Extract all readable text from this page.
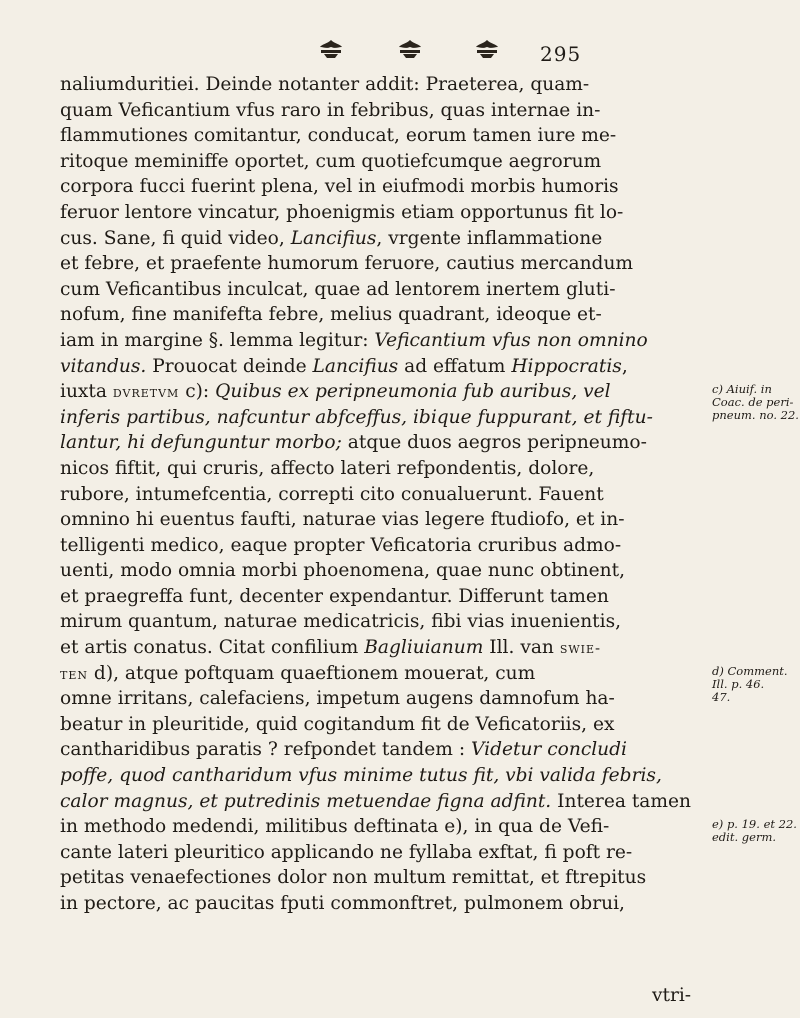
295
naliumduritiei. Deinde notanter addit: Praeterea, quam-
quam Veficantium vfus raro in febribus, quas internae in-
flammutiones comitantur, conducat, eorum tamen iure me-
ritoque meminiffe oportet, cum quotiefcumque aegrorum
corpora fucci fuerint plena, vel in eiufmodi morbis humoris
feruor lentore vincatur, phoenigmis etiam opportunus fit lo-
cus. Sane, fi quid video, Lancifius, vrgente inflammatione
et febre, et praefente humorum feruore, cautius mercandum
cum Veficantibus inculcat, quae ad lentorem inertem gluti-
nofum, fine manifefta febre, melius quadrant, ideoque et-
iam in margine §. lemma legitur: Veficantium vfus non omnino
vitandus. Prouocat deinde Lancifius ad effatum Hippocratis,
iuxta dvretvm c): Quibus ex peripneumonia fub auribus, vel
inferis partibus, nafcuntur abfceffus, ibique fuppurant, et fiftu-
lantur, hi defunguntur morbo; atque duos aegros peripneumo-
nicos fiftit, qui cruris, affecto lateri refpondentis, dolore,
rubore, intumefcentia, correpti cito conualuerunt. Fauent
omnino hi euentus faufti, naturae vias legere ftudiofo, et in-
telligenti medico, eaque propter Veficatoria cruribus admo-
uenti, modo omnia morbi phoenomena, quae nunc obtinent,
et praegreffa funt, decenter expendantur. Differunt tamen
mirum quantum, naturae medicatricis, fibi vias inuenientis,
et artis conatus. Citat confilium Bagliuianum Ill. van swie-
ten d), atque poftquam quaeftionem mouerat, cum
omne irritans, calefaciens, impetum augens damnofum ha-
beatur in pleuritide, quid cogitandum fit de Veficatoriis, ex
cantharidibus paratis ? refpondet tandem : Videtur concludi
poffe, quod cantharidum vfus minime tutus fit, vbi valida febris,
calor magnus, et putredinis metuendae figna adfint. Interea tamen
in methodo medendi, militibus deftinata e), in qua de Vefi-
cante lateri pleuritico applicando ne fyllaba exftat, fi poft re-
petitas venaefectiones dolor non multum remittat, et ftrepitus
in pectore, ac paucitas fputi commonftret, pulmonem obrui,
c) Aiuif. in
Coac. de peri-
pneum. no. 22.
d) Comment.
Ill. p. 46.
47.
e) p. 19. et 22.
edit. germ.
vtri-
